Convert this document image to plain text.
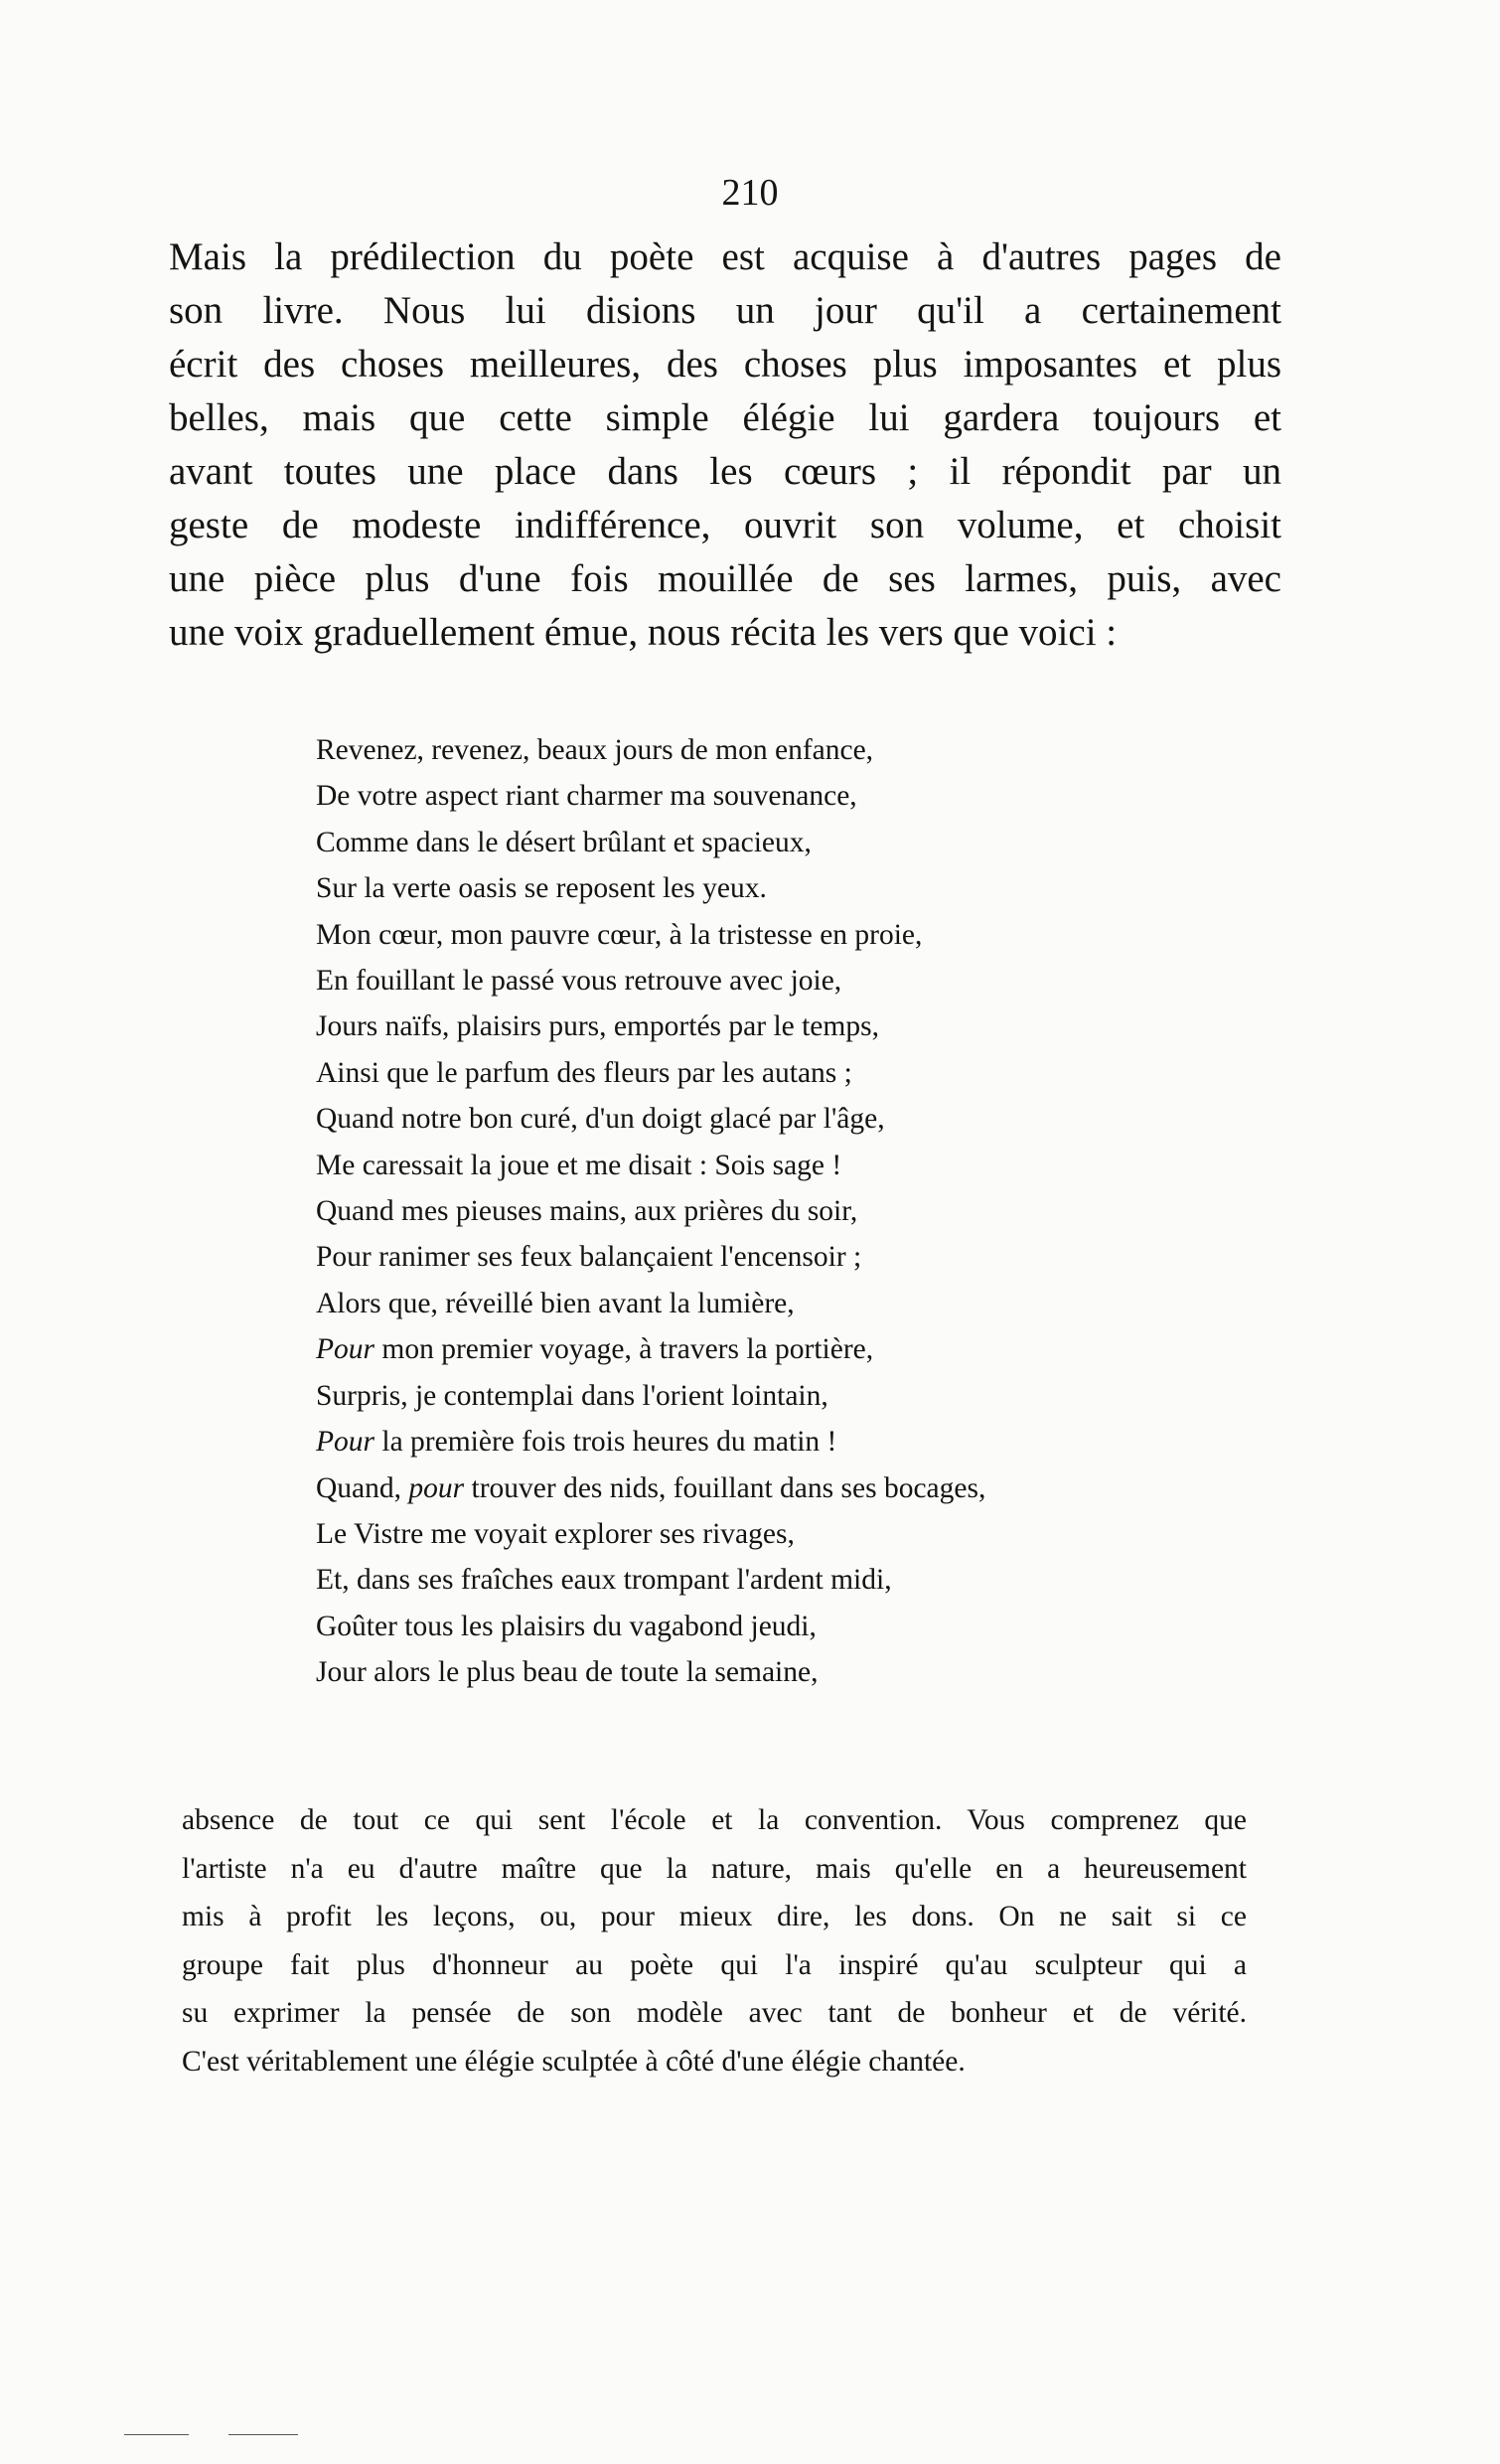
210
Mais la prédilection du poète est acquise à d'autres pages de
son livre. Nous lui disions un jour qu'il a certainement
écrit des choses meilleures, des choses plus imposantes et plus
belles, mais que cette simple élégie lui gardera toujours et
avant toutes une place dans les cœurs ; il répondit par un
geste de modeste indifférence, ouvrit son volume, et choisit
une pièce plus d'une fois mouillée de ses larmes, puis, avec
une voix graduellement émue, nous récita les vers que voici :
Revenez, revenez, beaux jours de mon enfance,
De votre aspect riant charmer ma souvenance,
Comme dans le désert brûlant et spacieux,
Sur la verte oasis se reposent les yeux.
Mon cœur, mon pauvre cœur, à la tristesse en proie,
En fouillant le passé vous retrouve avec joie,
Jours naïfs, plaisirs purs, emportés par le temps,
Ainsi que le parfum des fleurs par les autans ;
Quand notre bon curé, d'un doigt glacé par l'âge,
Me caressait la joue et me disait : Sois sage !
Quand mes pieuses mains, aux prières du soir,
Pour ranimer ses feux balançaient l'encensoir ;
Alors que, réveillé bien avant la lumière,
Pour mon premier voyage, à travers la portière,
Surpris, je contemplai dans l'orient lointain,
Pour la première fois trois heures du matin !
Quand, pour trouver des nids, fouillant dans ses bocages,
Le Vistre me voyait explorer ses rivages,
Et, dans ses fraîches eaux trompant l'ardent midi,
Goûter tous les plaisirs du vagabond jeudi,
Jour alors le plus beau de toute la semaine,
absence de tout ce qui sent l'école et la convention. Vous comprenez que
l'artiste n'a eu d'autre maître que la nature, mais qu'elle en a heureusement
mis à profit les leçons, ou, pour mieux dire, les dons. On ne sait si ce
groupe fait plus d'honneur au poète qui l'a inspiré qu'au sculpteur qui a
su exprimer la pensée de son modèle avec tant de bonheur et de vérité.
C'est véritablement une élégie sculptée à côté d'une élégie chantée.
